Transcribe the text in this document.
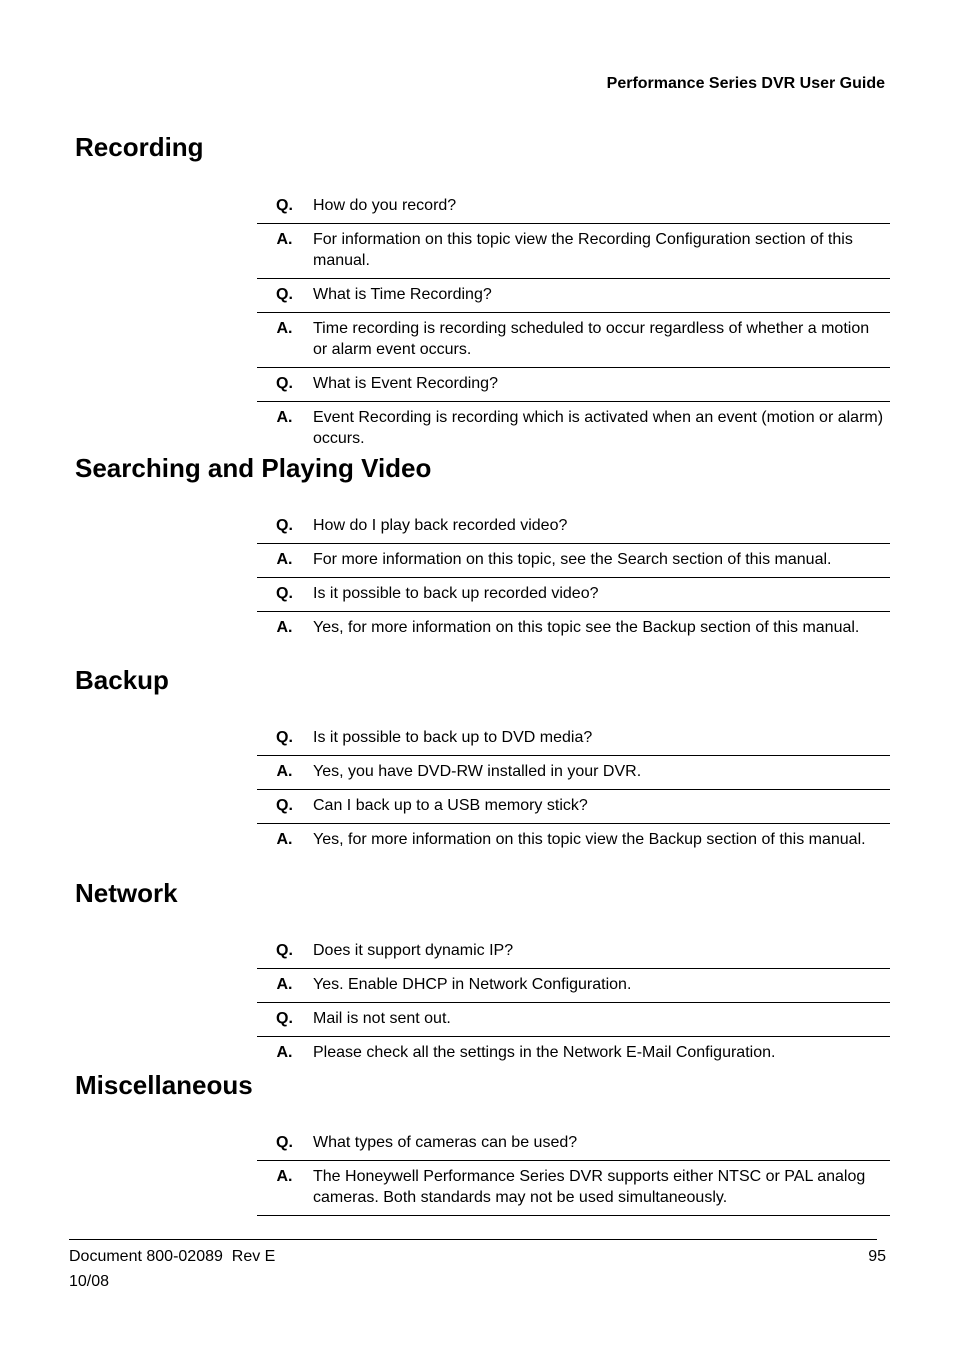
Performance Series DVR User Guide
Recording
Q.	How do you record?
A.	For information on this topic view the Recording Configuration section of this manual.
Q.	What is Time Recording?
A.	Time recording is recording scheduled to occur regardless of whether a motion or alarm event occurs.
Q.	What is Event Recording?
A.	Event Recording is recording which is activated when an event (motion or alarm) occurs.
Searching and Playing Video
Q.	How do I play back recorded video?
A.	For more information on this topic, see the Search section of this manual.
Q.	Is it possible to back up recorded video?
A.	Yes, for more information on this topic see the Backup section of this manual.
Backup
Q.	Is it possible to back up to DVD media?
A.	Yes, you have DVD-RW installed in your DVR.
Q.	Can I back up to a USB memory stick?
A.	Yes, for more information on this topic view the Backup section of this manual.
Network
Q.	Does it support dynamic IP?
A.	Yes. Enable DHCP in Network Configuration.
Q.	Mail is not sent out.
A.	Please check all the settings in the Network E-Mail Configuration.
Miscellaneous
Q.	What types of cameras can be used?
A.	The Honeywell Performance Series DVR supports either NTSC or PAL analog cameras. Both standards may not be used simultaneously.
Document 800-02089  Rev E
10/08
95
